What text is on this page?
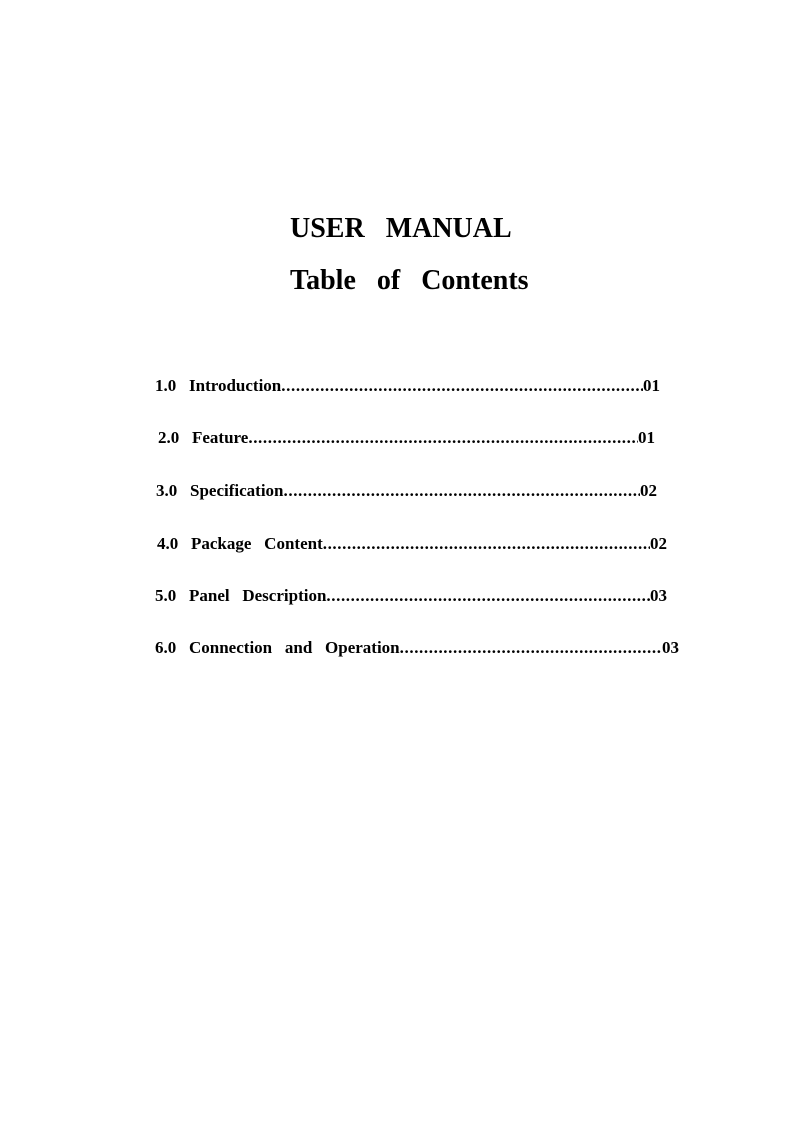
USER   MANUAL
Table   of   Contents
1.0
Introduction .....	01
2.0
Feature .....	01
3.0
Specification .....	02
4.0
Package   Content .....	02
5.0
Panel   Description .....	03
6.0
Connection   and   Operation .....	03
